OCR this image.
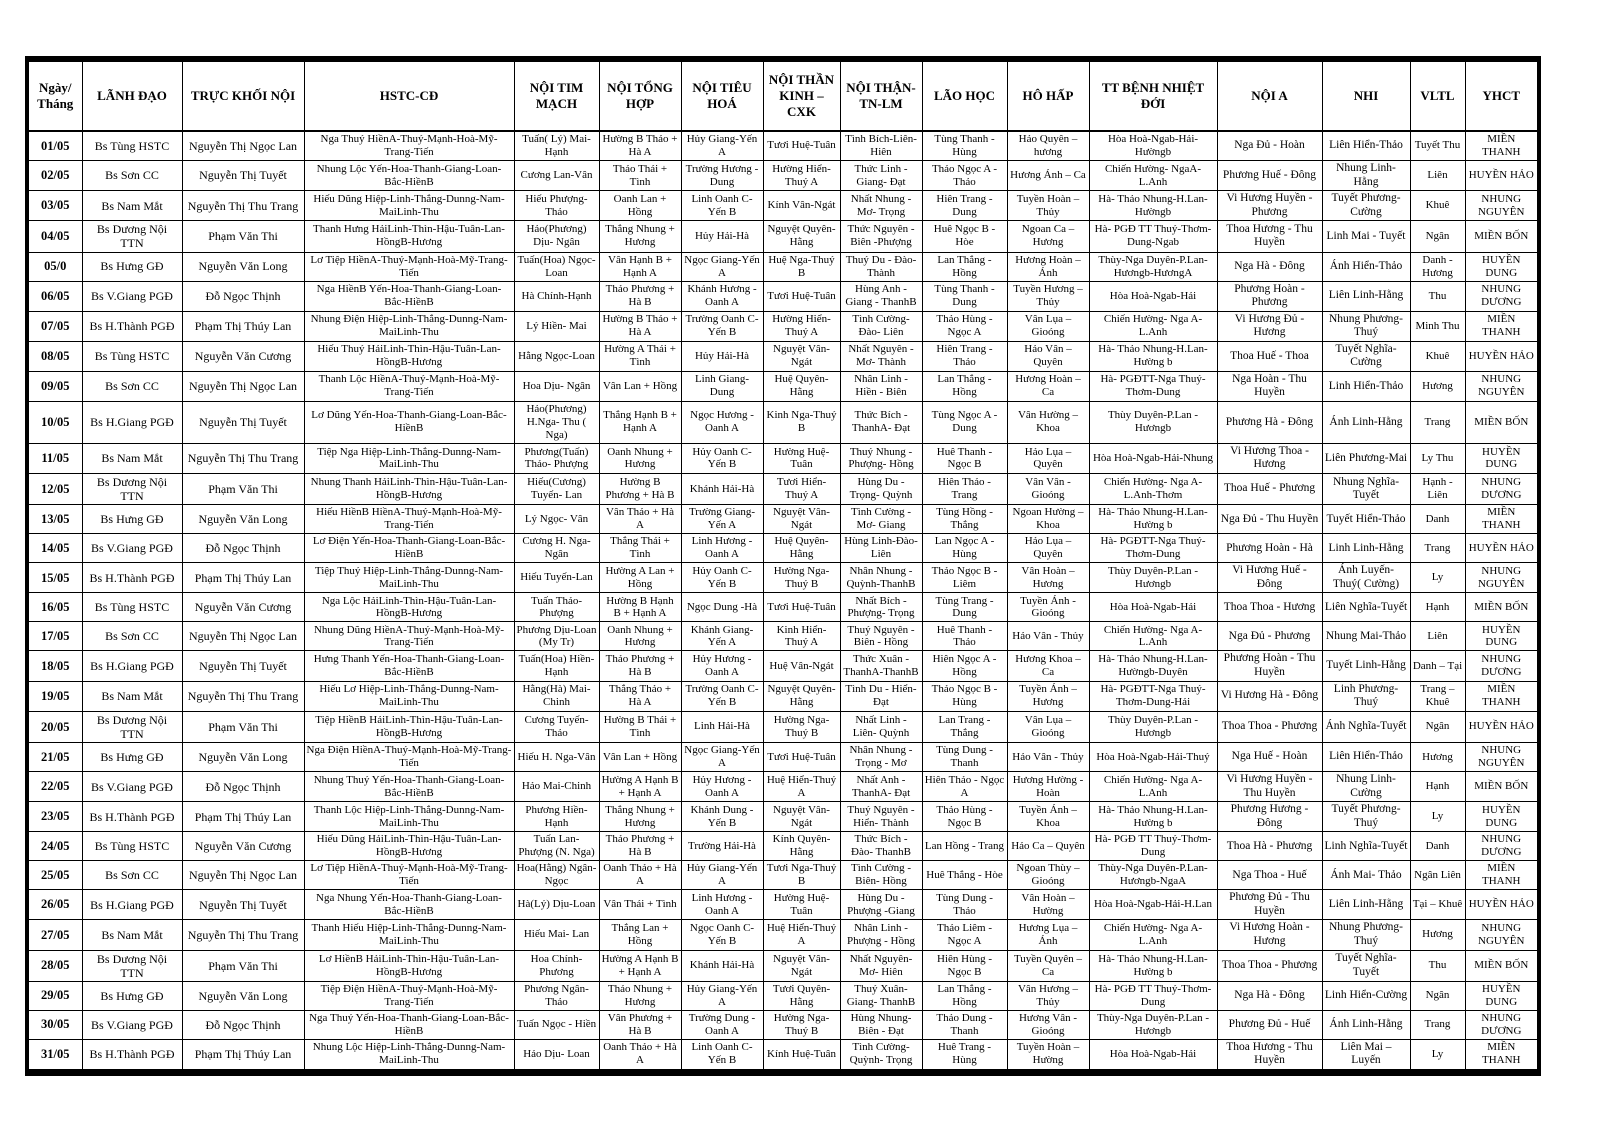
Ngày/ Tháng	LÃNH ĐẠO	TRỰC KHỐI NỘI	HSTC-CĐ	NỘI TIM MẠCH	NỘI TỔNG HỢP	NỘI TIÊU HOÁ	NỘI THẦN KINH – CXK	NỘI THẬN-TN-LM	LÃO HỌC	HÔ HẤP	TT BỆNH NHIỆT ĐỚI	NỘI A	NHI	VLTL	YHCT
01/05	Bs Tùng HSTC	Nguyễn Thị Ngọc Lan	Nga Thuý HiềnA-Thuý-Mạnh-Hoà-Mỹ-Trang-Tiến	Tuấn( Lý) Mai-Hạnh	Hường B Thảo + Hà A	Hủy Giang-Yến A	Tươi Huệ-Tuân	Tình Bích-Liên- Hiên	Tùng Thanh - Hùng	Hảo Quyên – hương	Hòa Hoà-Ngab-Hải-Hườngb	Nga Đủ - Hoàn	Liên Hiển-Thảo	Tuyết Thu	MIỀN THANH
02/05	Bs Sơn CC	Nguyễn Thị Tuyết	Nhung Lộc Yến-Hoa-Thanh-Giang-Loan-Bắc-HiềnB	Cương Lan-Vân	Thảo Thái + Tình	Trường Hương - Dung	Hường Hiển-Thuý A	Thức Linh - Giang- Đạt	Thảo Ngọc A - Thảo	Hương Ánh – Ca	Chiến Hường- NgaA-L.Anh	Phương Huế - Đông	Nhung Linh-Hằng	Liên	HUYỀN HẢO
03/05	Bs Nam Mắt	Nguyễn Thị Thu Trang	Hiếu Dũng Hiệp-Linh-Thắng-Dunng-Nam-MaiLinh-Thu	Hiếu Phượng-Thảo	Oanh Lan + Hồng	Linh Oanh C-Yến B	Kính Vân-Ngát	Nhất Nhung - Mơ- Trọng	Hiên Trang - Dung	Tuyền Hoàn – Thủy	Hà- Thảo Nhung-H.Lan-Hườngb	Vi Hương Huyền - Phương	Tuyết Phương-Cường	Khuê	NHUNG NGUYÊN
04/05	Bs Dương Nội TTN	Phạm Văn Thi	Thanh Hưng HảiLinh-Thìn-Hậu-Tuân-Lan-HồngB-Hương	Hảo(Phương) Dịu- Ngân	Thắng Nhung + Hương	Hủy Hải-Hà	Nguyệt Quyên- Hằng	Thức Nguyên - Biên -Phượng	Huê Ngọc B - Hòe	Ngoan Ca – Hương	Hà- PGĐ TT Thuý-Thơm-Dung-Ngab	Thoa Hương - Thu Huyền	Linh Mai - Tuyết	Ngân	MIỀN BỐN
05/0	Bs Hưng GĐ	Nguyễn Văn Long	Lơ Tiệp HiềnA-Thuý-Mạnh-Hoà-Mỹ-Trang-Tiến	Tuấn(Hoa) Ngọc- Loan	Vân Hạnh B + Hạnh A	Ngọc Giang-Yến A	Huệ Nga-Thuý B	Thuý Du - Đào-Thành	Lan Thắng - Hồng	Hương Hoàn – Ánh	Thùy-Nga Duyên-P.Lan-Hươngb-HươngA	Nga Hà - Đông	Ánh Hiển-Thảo	Danh - Hương	HUYỀN DUNG
06/05	Bs V.Giang PGĐ	Đỗ Ngọc Thịnh	Nga HiềnB Yến-Hoa-Thanh-Giang-Loan-Bắc-HiềnB	Hà Chính-Hạnh	Thảo Phương + Hà B	Khánh Hương - Oanh A	Tươi Huệ-Tuân	Hùng Anh - Giang - ThanhB	Tùng Thanh - Dung	Tuyền Hương – Thủy	Hòa Hoà-Ngab-Hải	Phương Hoàn - Phương	Liên Linh-Hằng	Thu	NHUNG DƯƠNG
07/05	Bs H.Thành PGĐ	Phạm Thị Thúy Lan	Nhung Điện Hiệp-Linh-Thắng-Dunng-Nam-MaiLinh-Thu	Lý Hiền- Mai	Hường B Thảo + Hà A	Trường Oanh C-Yến B	Hường Hiển-Thuý A	Tình Cường-Đào- Liên	Thảo Hùng - Ngọc A	Vân Lụa – Gioóng	Chiến Hường- Nga A-L.Anh	Vi Hương Đủ - Hương	Nhung Phương-Thuý	Minh Thu	MIỀN THANH
08/05	Bs Tùng HSTC	Nguyễn Văn Cương	Hiếu Thuý HảiLinh-Thìn-Hậu-Tuân-Lan-HồngB-Hương	Hằng Ngọc-Loan	Hường A Thái + Tình	Hủy Hải-Hà	Nguyệt Vân-Ngát	Nhất Nguyên - Mơ- Thành	Hiên Trang - Thảo	Hảo Vân – Quyên	Hà- Thảo Nhung-H.Lan-Hường b	Thoa Huế - Thoa	Tuyết Nghĩa-Cường	Khuê	HUYỀN HẢO
09/05	Bs Sơn CC	Nguyễn Thị Ngọc Lan	Thanh Lộc HiềnA-Thuý-Mạnh-Hoà-Mỹ-Trang-Tiến	Hoa Dịu- Ngân	Vân Lan + Hồng	Linh Giang-Dung	Huệ Quyên-Hằng	Nhân Linh - Hiền - Biên	Lan Thắng - Hồng	Hương Hoàn – Ca	Hà- PGĐTT-Nga Thuý-Thơm-Dung	Nga Hoàn - Thu Huyền	Linh Hiển-Thảo	Hương	NHUNG NGUYÊN
10/05	Bs H.Giang PGĐ	Nguyễn Thị Tuyết	Lơ Dũng Yến-Hoa-Thanh-Giang-Loan-Bắc-HiềnB	Hảo(Phương) H.Nga- Thu ( Nga)	Thắng Hạnh B + Hạnh A	Ngọc Hương - Oanh A	Kinh Nga-Thuý B	Thức Bích - ThanhA- Đạt	Tùng Ngọc A - Dung	Vân Hường – Khoa	Thùy Duyên-P.Lan - Hươngb	Phương Hà - Đông	Ánh Linh-Hằng	Trang	MIỀN BỐN
11/05	Bs Nam Mắt	Nguyễn Thị Thu Trang	Tiệp Nga Hiệp-Linh-Thắng-Dunng-Nam-MaiLinh-Thu	Phương(Tuấn) Thảo- Phượng	Oanh Nhung + Hương	Hủy Oanh C-Yến B	Hường Huệ-Tuân	Thuý Nhung - Phượng- Hồng	Huê Thanh - Ngọc B	Hảo Lụa – Quyên	Hòa Hoà-Ngab-Hải-Nhung	Vi Hương Thoa - Hương	Liên Phương-Mai	Ly Thu	HUYỀN DUNG
12/05	Bs Dương Nội TTN	Phạm Văn Thi	Nhung Thanh HảiLinh-Thìn-Hậu-Tuân-Lan-HồngB-Hương	Hiếu(Cương) Tuyến- Lan	Hường B Phương + Hà B	Khánh Hải-Hà	Tươi Hiển-Thuý A	Hùng Du - Trọng- Quỳnh	Hiên Thảo - Trang	Vân Vân - Gioóng	Chiến Hường- Nga A-L.Anh-Thơm	Thoa Huế - Phương	Nhung Nghĩa-Tuyết	Hạnh - Liên	NHUNG DƯƠNG
13/05	Bs Hưng GĐ	Nguyễn Văn Long	Hiếu HiềnB HiềnA-Thuý-Mạnh-Hoà-Mỹ-Trang-Tiến	Lý Ngọc- Vân	Vân Thảo + Hà A	Trường Giang-Yến A	Nguyệt Vân-Ngát	Tình Cường - Mơ- Giang	Tùng Hồng - Thắng	Ngoan Hường – Khoa	Hà- Thảo Nhung-H.Lan-Hường b	Nga Đủ - Thu Huyền	Tuyết Hiển-Thảo	Danh	MIỀN THANH
14/05	Bs V.Giang PGĐ	Đỗ Ngọc Thịnh	Lơ Điện Yến-Hoa-Thanh-Giang-Loan-Bắc-HiềnB	Cương H. Nga-Ngân	Thắng Thái + Tình	Linh Hương - Oanh A	Huệ Quyên-Hằng	Hùng Linh-Đào- Liên	Lan Ngọc A - Hùng	Hảo Lụa – Quyên	Hà- PGĐTT-Nga Thuý-Thơm-Dung	Phương Hoàn - Hà	Linh Linh-Hằng	Trang	HUYỀN HẢO
15/05	Bs H.Thành PGĐ	Phạm Thị Thúy Lan	Tiệp Thuý Hiệp-Linh-Thắng-Dunng-Nam-MaiLinh-Thu	Hiếu Tuyến-Lan	Hường A Lan + Hồng	Hủy Oanh C-Yến B	Hường Nga-Thuý B	Nhân Nhung - Quỳnh-ThanhB	Thảo Ngọc B - Liêm	Vân Hoàn – Hương	Thùy Duyên-P.Lan - Hươngb	Vi Hương Huế - Đông	Ánh Luyến-Thuý( Cường)	Ly	NHUNG NGUYÊN
16/05	Bs Tùng HSTC	Nguyễn Văn Cương	Nga Lộc HảiLinh-Thìn-Hậu-Tuân-Lan-HồngB-Hương	Tuấn Thảo-Phượng	Hường B Hạnh B + Hạnh A	Ngọc Dung -Hà	Tươi Huệ-Tuân	Nhất Bích - Phượng- Trọng	Tùng Trang - Dung	Tuyền Ánh - Gioóng	Hòa Hoà-Ngab-Hải	Thoa Thoa - Hương	Liên Nghĩa-Tuyết	Hạnh	MIỀN BỐN
17/05	Bs Sơn CC	Nguyễn Thị Ngọc Lan	Nhung Dũng HiềnA-Thuý-Mạnh-Hoà-Mỹ-Trang-Tiến	Phương Dịu-Loan (My Tr)	Oanh Nhung + Hương	Khánh Giang-Yến A	Kinh Hiển-Thuý A	Thuý Nguyên - Biên - Hồng	Huê Thanh - Thảo	Hảo Vân - Thủy	Chiến Hường- Nga A-L.Anh	Nga Đủ - Phương	Nhung Mai-Thảo	Liên	HUYỀN DUNG
18/05	Bs H.Giang PGĐ	Nguyễn Thị Tuyết	Hưng Thanh Yến-Hoa-Thanh-Giang-Loan-Bắc-HiềnB	Tuấn(Hoa) Hiền- Hạnh	Thảo Phương + Hà B	Hủy Hương - Oanh A	Huệ Vân-Ngát	Thức Xuân - ThanhA-ThanhB	Hiên Ngọc A - Hồng	Hương Khoa – Ca	Hà- Thảo Nhung-H.Lan-Hườngb-Duyên	Phương Hoàn - Thu Huyền	Tuyết Linh-Hằng	Danh – Tại	NHUNG DƯƠNG
19/05	Bs Nam Mắt	Nguyễn Thị Thu Trang	Hiếu Lơ Hiệp-Linh-Thắng-Dunng-Nam-MaiLinh-Thu	Hằng(Hà) Mai-Chinh	Thắng Thảo + Hà A	Trường Oanh C-Yến B	Nguyệt Quyên- Hằng	Tình Du - Hiển- Đạt	Thảo Ngọc B - Hùng	Tuyền Ánh – Hương	Hà- PGĐTT-Nga Thuý-Thơm-Dung-Hải	Vi Hương Hà - Đông	Linh Phương-Thuý	Trang – Khuê	MIỀN THANH
20/05	Bs Dương Nội TTN	Phạm Văn Thi	Tiệp HiềnB HảiLinh-Thìn-Hậu-Tuân-Lan-HồngB-Hương	Cương Tuyến-Thảo	Hường B Thái + Tình	Linh Hải-Hà	Hường Nga-Thuý B	Nhất Linh - Liên- Quỳnh	Lan Trang - Thắng	Vân Lụa – Gioóng	Thùy Duyên-P.Lan - Hươngb	Thoa Thoa - Phương	Ánh Nghĩa-Tuyết	Ngân	HUYỀN HẢO
21/05	Bs Hưng GĐ	Nguyễn Văn Long	Nga Điện HiềnA-Thuý-Mạnh-Hoà-Mỹ-Trang-Tiến	Hiếu H. Nga-Vân	Vân Lan + Hồng	Ngọc Giang-Yến A	Tươi Huệ-Tuân	Nhân Nhung - Trọng - Mơ	Tùng Dung - Thanh	Hảo Vân - Thủy	Hòa Hoà-Ngab-Hải-Thuý	Nga Huế - Hoàn	Liên Hiển-Thảo	Hương	NHUNG NGUYÊN
22/05	Bs V.Giang PGĐ	Đỗ Ngọc Thịnh	Nhung Thuý Yến-Hoa-Thanh-Giang-Loan-Bắc-HiềnB	Hảo Mai-Chinh	Hường A Hạnh B + Hạnh A	Hủy Hương - Oanh A	Huệ Hiển-Thuý A	Nhất Anh - ThanhA- Đạt	Hiên Thảo - Ngọc A	Hương Hường - Hoàn	Chiến Hường- Nga A-L.Anh	Vi Hương Huyền - Thu Huyền	Nhung Linh-Cường	Hạnh	MIỀN BỐN
23/05	Bs H.Thành PGĐ	Phạm Thị Thúy Lan	Thanh Lộc Hiệp-Linh-Thắng-Dunng-Nam-MaiLinh-Thu	Phương Hiền-Hạnh	Thắng Nhung + Hương	Khánh Dung - Yến B	Nguyệt Vân-Ngát	Thuý Nguyên - Hiển- Thành	Thảo Hùng - Ngọc B	Tuyền Ánh – Khoa	Hà- Thảo Nhung-H.Lan-Hường b	Phương Hương - Đông	Tuyết Phương-Thuý	Ly	HUYỀN DUNG
24/05	Bs Tùng HSTC	Nguyễn Văn Cương	Hiếu Dũng HảiLinh-Thìn-Hậu-Tuân-Lan-HồngB-Hương	Tuấn Lan-Phượng (N. Nga)	Thảo Phương + Hà B	Trường Hải-Hà	Kính Quyên-Hằng	Thức Bích - Đào- ThanhB	Lan Hồng - Trang	Hảo Ca – Quyên	Hà- PGĐ TT Thuý-Thơm-Dung	Thoa Hà - Phương	Linh Nghĩa-Tuyết	Danh	NHUNG DƯƠNG
25/05	Bs Sơn CC	Nguyễn Thị Ngọc Lan	Lơ Tiệp HiềnA-Thuý-Mạnh-Hoà-Mỹ-Trang-Tiến	Hoa(Hằng) Ngân- Ngọc	Oanh Thảo + Hà A	Hủy Giang-Yến A	Tươi Nga-Thuý B	Tình Cường - Biên- Hồng	Huê Thắng - Hòe	Ngoan Thùy – Gioóng	Thùy-Nga Duyên-P.Lan-Hươngb-NgaA	Nga Thoa - Huế	Ánh Mai- Thảo	Ngân Liên	MIỀN THANH
26/05	Bs H.Giang PGĐ	Nguyễn Thị Tuyết	Nga Nhung Yến-Hoa-Thanh-Giang-Loan-Bắc-HiềnB	Hà(Lý) Dịu-Loan	Vân Thái + Tình	Linh Hương - Oanh A	Hường Huệ-Tuân	Hùng Du - Phượng -Giang	Tùng Dung - Thảo	Vân Hoàn – Hường	Hòa Hoà-Ngab-Hải-H.Lan	Phương Đủ - Thu Huyền	Liên Linh-Hằng	Tại – Khuê	HUYỀN HẢO
27/05	Bs Nam Mắt	Nguyễn Thị Thu Trang	Thanh Hiếu Hiệp-Linh-Thắng-Dunng-Nam-MaiLinh-Thu	Hiếu Mai- Lan	Thắng Lan + Hồng	Ngọc Oanh C-Yến B	Huệ Hiển-Thuý A	Nhân Linh - Phượng - Hồng	Thảo Liêm - Ngọc A	Hương Lụa – Ánh	Chiến Hường- Nga A-L.Anh	Vi Hương Hoàn - Hương	Nhung Phương-Thuý	Hương	NHUNG NGUYÊN
28/05	Bs Dương Nội TTN	Phạm Văn Thi	Lơ HiềnB HảiLinh-Thìn-Hậu-Tuân-Lan-HồngB-Hương	Hoa Chính-Phương	Hường A Hạnh B + Hạnh A	Khánh Hải-Hà	Nguyệt Vân-Ngát	Nhất Nguyên- Mơ- Hiên	Hiên Hùng - Ngọc B	Tuyền Quyên – Ca	Hà- Thảo Nhung-H.Lan-Hường b	Thoa Thoa - Phương	Tuyết Nghĩa-Tuyết	Thu	MIỀN BỐN
29/05	Bs Hưng GĐ	Nguyễn Văn Long	Tiệp Điện HiềnA-Thuý-Mạnh-Hoà-Mỹ-Trang-Tiến	Phương Ngân-Thảo	Thảo Nhung + Hương	Hủy Giang-Yến A	Tươi Quyên-Hằng	Thuý Xuân- Giang- ThanhB	Lan Thắng - Hồng	Vân Hương – Thủy	Hà- PGĐ TT Thuý-Thơm-Dung	Nga Hà - Đông	Linh Hiển-Cường	Ngân	HUYỀN DUNG
30/05	Bs V.Giang PGĐ	Đỗ Ngọc Thịnh	Nga Thuý Yến-Hoa-Thanh-Giang-Loan-Bắc-HiềnB	Tuấn Ngọc - Hiền	Vân Phương + Hà B	Trường Dung - Oanh A	Hường Nga-Thuý B	Hùng Nhung-Biên - Đạt	Thảo Dung - Thanh	Hương Vân - Gioóng	Thùy-Nga Duyên-P.Lan - Hươngb	Phương Đủ - Huế	Ánh Linh-Hằng	Trang	NHUNG DƯƠNG
31/05	Bs H.Thành PGĐ	Phạm Thị Thúy Lan	Nhung Lộc Hiệp-Linh-Thắng-Dunng-Nam-MaiLinh-Thu	Hảo Dịu- Loan	Oanh Thảo + Hà A	Linh Oanh C-Yến B	Kính Huệ-Tuân	Tình Cường-Quỳnh- Trọng	Huê Trang - Hùng	Tuyền Hoàn – Hường	Hòa Hoà-Ngab-Hải	Thoa Hương - Thu Huyền	Liên Mai – Luyến	Ly	MIỀN THANH
